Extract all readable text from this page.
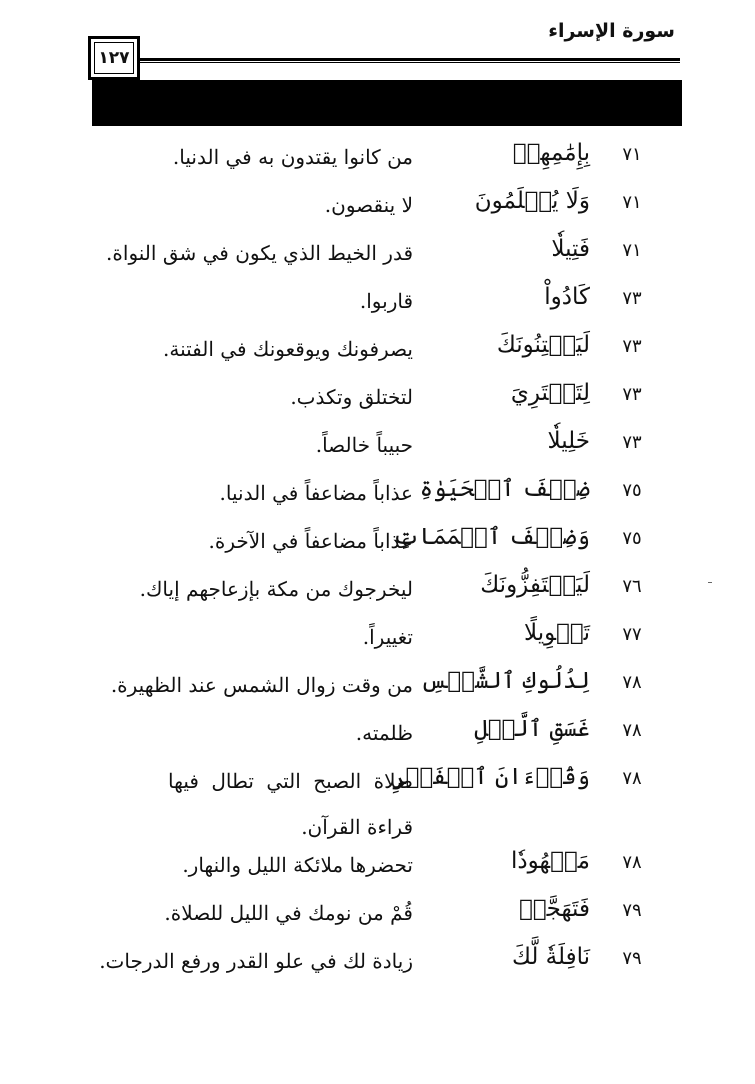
سورة الإسراء
١٢٧
٧١
بِإِمَٰمِهِمۡ
من كانوا يقتدون به في الدنيا.
٧١
وَلَا يُظۡلَمُونَ
لا ينقصون.
٧١
فَتِيلٗا
قدر الخيط الذي يكون في شق النواة.
٧٣
كَادُواْ
قاربوا.
٧٣
لَيَفۡتِنُونَكَ
يصرفونك ويوقعونك في الفتنة.
٧٣
لِتَفۡتَرِيَ
لتختلق وتكذب.
٧٣
خَلِيلٗا
حبيباً خالصاً.
٧٥
ضِعۡفَ ٱلۡحَيَوٰةِ
عذاباً مضاعفاً في الدنيا.
٧٥
وَضِعۡفَ ٱلۡمَمَاتِ
عذاباً مضاعفاً في الآخرة.
٧٦
لَيَسۡتَفِزُّونَكَ
ليخرجوك من مكة بإزعاجهم إياك.
٧٧
تَحۡوِيلًا
تغييراً.
٧٨
لِدُلُوكِ ٱلشَّمۡسِ
من وقت زوال الشمس عند الظهيرة.
٧٨
غَسَقِ ٱلَّيۡلِ
ظلمته.
٧٨
وَقُرۡءَانَ ٱلۡفَجۡرِ
صلاة الصبح التي تطال فيها قراءة القرآن.
٧٨
مَشۡهُودٗا
تحضرها ملائكة الليل والنهار.
٧٩
فَتَهَجَّدۡ
قُمْ من نومك في الليل للصلاة.
٧٩
نَافِلَةٗ لَّكَ
زيادة لك في علو القدر ورفع الدرجات.
